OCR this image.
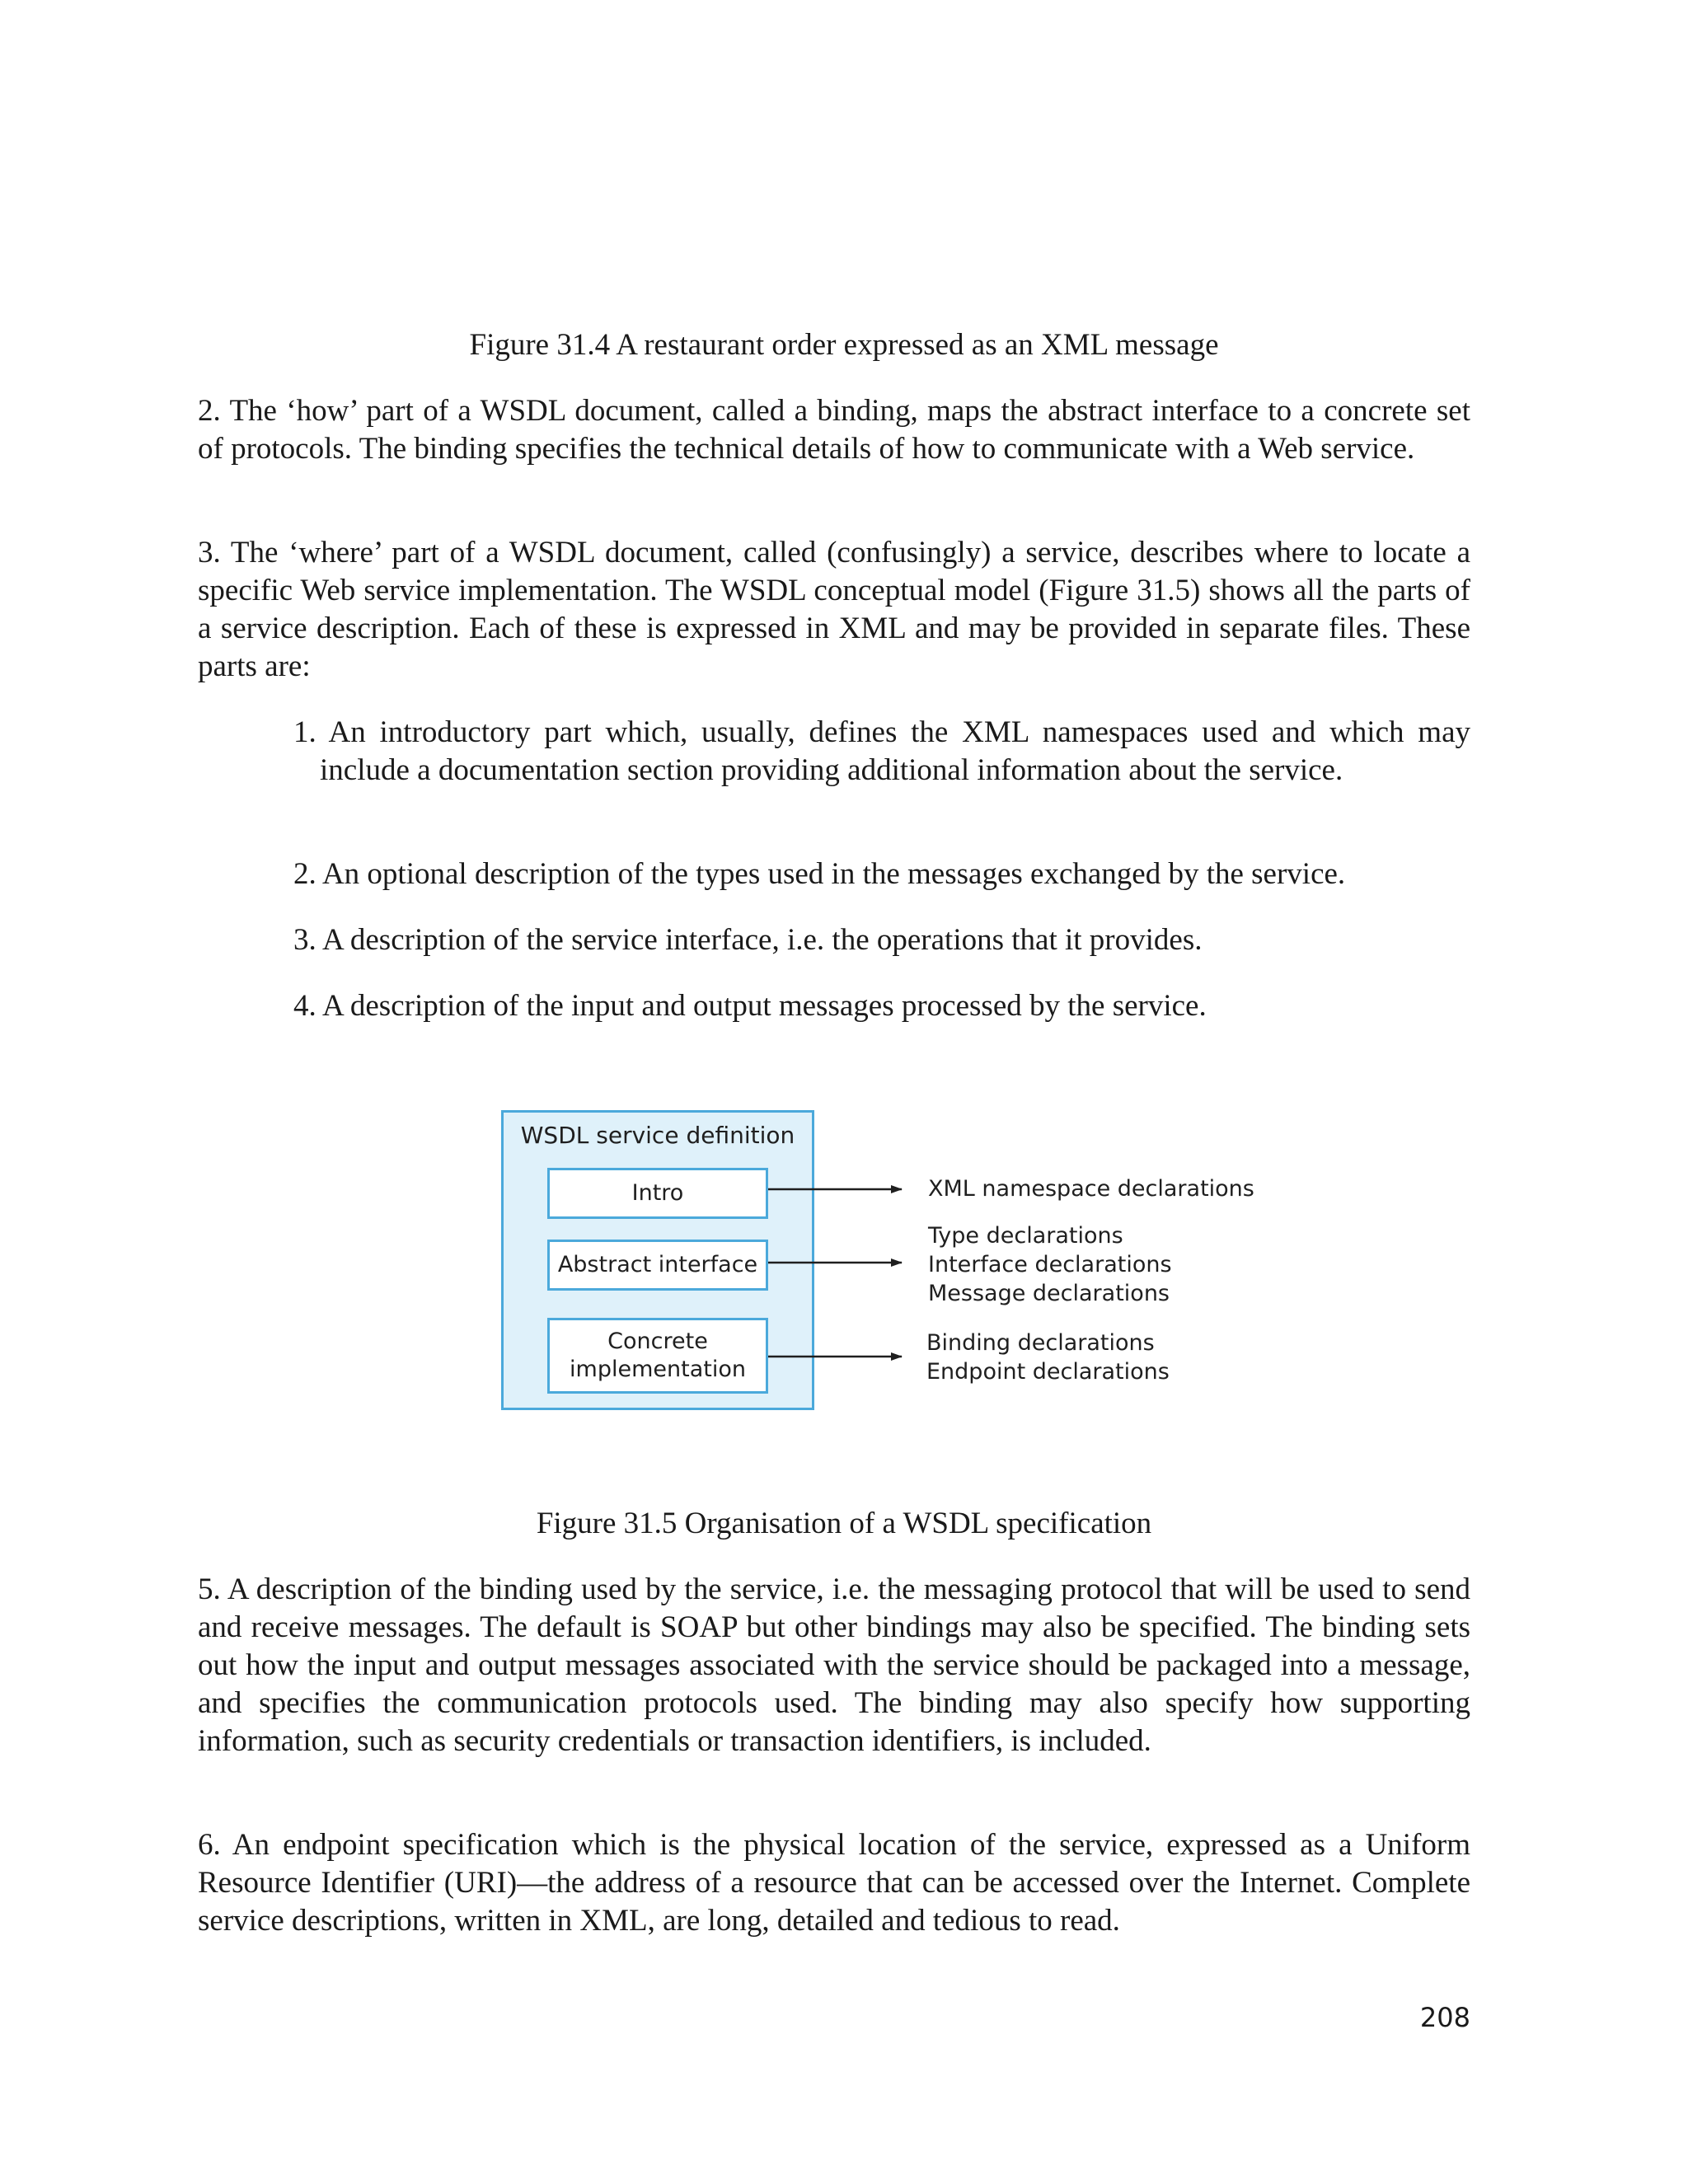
Figure 31.4 A restaurant order expressed as an XML message

2. The ‘how’ part of a WSDL document, called a binding, maps the abstract interface to a concrete set of protocols. The binding specifies the technical details of how to communicate with a Web service.

3. The ‘where’ part of a WSDL document, called (confusingly) a service, describes where to locate a specific Web service implementation. The WSDL conceptual model (Figure 31.5) shows all the parts of a service description. Each of these is expressed in XML and may be provided in separate files. These parts are:

1. An introductory part which, usually, defines the XML namespaces used and which may include a documentation section providing additional information about the service.

2. An optional description of the types used in the messages exchanged by the service.

3. A description of the service interface, i.e. the operations that it provides.

4. A description of the input and output messages processed by the service.

WSDL service definition
Intro
Abstract interface
Concrete
implementation
XML namespace declarations
Type declarations
Interface declarations
Message declarations
Binding declarations
Endpoint declarations

Figure 31.5 Organisation of a WSDL specification

5. A description of the binding used by the service, i.e. the messaging protocol that will be used to send and receive messages. The default is SOAP but other bindings may also be specified. The binding sets out how the input and output messages associated with the service should be packaged into a message, and specifies the communication protocols used. The binding may also specify how supporting information, such as security credentials or transaction identifiers, is included.

6. An endpoint specification which is the physical location of the service, expressed as a Uniform Resource Identifier (URI)—the address of a resource that can be accessed over the Internet. Complete service descriptions, written in XML, are long, detailed and tedious to read.

208
